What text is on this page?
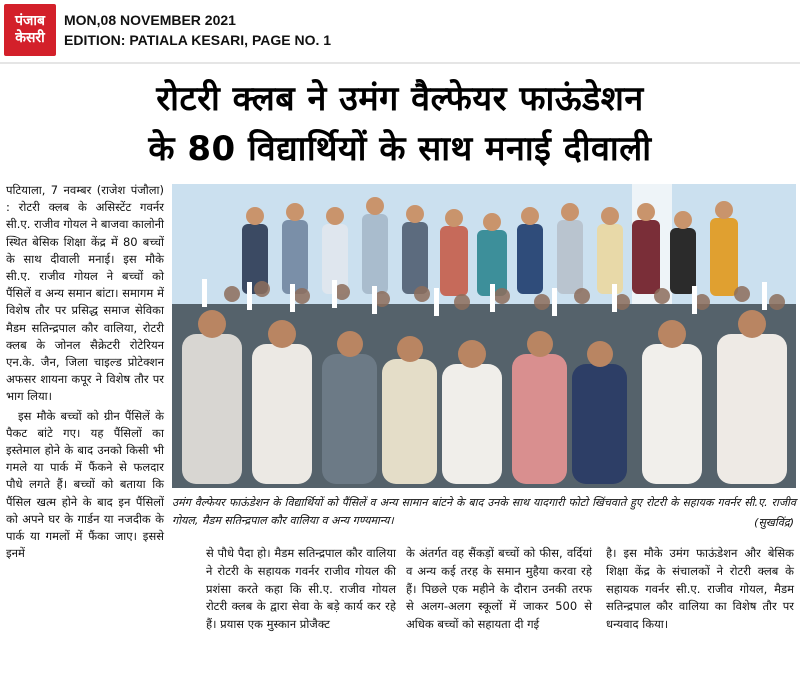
पंजाब
केसरी
MON,08 NOVEMBER 2021
EDITION: PATIALA KESARI, PAGE NO. 1
रोटरी क्लब ने उमंग वैल्फेयर फाऊंडेशन
के 80 विद्यार्थियों के साथ मनाई दीवाली

पटियाला, 7 नवम्बर (राजेश पंजौला) : रोटरी क्लब के असिस्टेंट गवर्नर सी.ए. राजीव गोयल ने बाजवा कालोनी स्थित बेसिक शिक्षा केंद्र में 80 बच्चों के साथ दीवाली मनाई। इस मौके सी.ए. राजीव गोयल ने बच्चों को पैंसिलें व अन्य समान बांटा। समागम में विशेष तौर पर प्रसिद्ध समाज सेविका मैडम सतिन्द्रपाल कौर वालिया, रोटरी क्लब के जोनल सैक्रेटरी रोटेरियन एन.के. जैन, जिला चाइल्ड प्रोटेक्शन अफसर शायना कपूर ने विशेष तौर पर भाग लिया।

इस मौके बच्चों को ग्रीन पैंसिलें के पैकट बांटे गए। यह पैंसिलों का इस्तेमाल होने के बाद उनको किसी भी गमले या पार्क में फैंकने से फलदार पौधे लगते हैं। बच्चों को बताया कि पैंसिल खत्म होने के बाद इन पैंसिलों को अपने घर के गार्डन या नजदीक के पार्क या गमलों में फैंका जाए। इससे इनमें

उमंग वैल्फेयर फाऊंडेशन के विद्यार्थियों को पैंसिलें व अन्य सामान बांटने के बाद उनके साथ यादगारी फोटो खिंचवाते हुए रोटरी के सहायक गवर्नर सी.ए. राजीव गोयल, मैडम सतिन्द्रपाल कौर वालिया व अन्य गण्यमान्य।	(सुखविंद्र)
से पौधे पैदा हो। मैडम सतिन्द्रपाल कौर वालिया ने रोटरी के सहायक गवर्नर राजीव गोयल की प्रशंसा करते कहा कि सी.ए. राजीव गोयल रोटरी क्लब के द्वारा सेवा के बड़े कार्य कर रहे हैं। प्रयास एक मुस्कान प्रोजैक्ट
के अंतर्गत वह सैंकड़ों बच्चों को फीस, वर्दियां व अन्य कई तरह के समान मुहैया करवा रहे हैं। पिछले एक महीने के दौरान उनकी तरफ से अलग-अलग स्कूलों में जाकर 500 से अधिक बच्चों को सहायता दी गई
है। इस मौके उमंग फाऊंडेशन और बेसिक शिक्षा केंद्र के संचालकों ने रोटरी क्लब के सहायक गवर्नर सी.ए. राजीव गोयल, मैडम सतिन्द्रपाल कौर वालिया का विशेष तौर पर धन्यवाद किया।
